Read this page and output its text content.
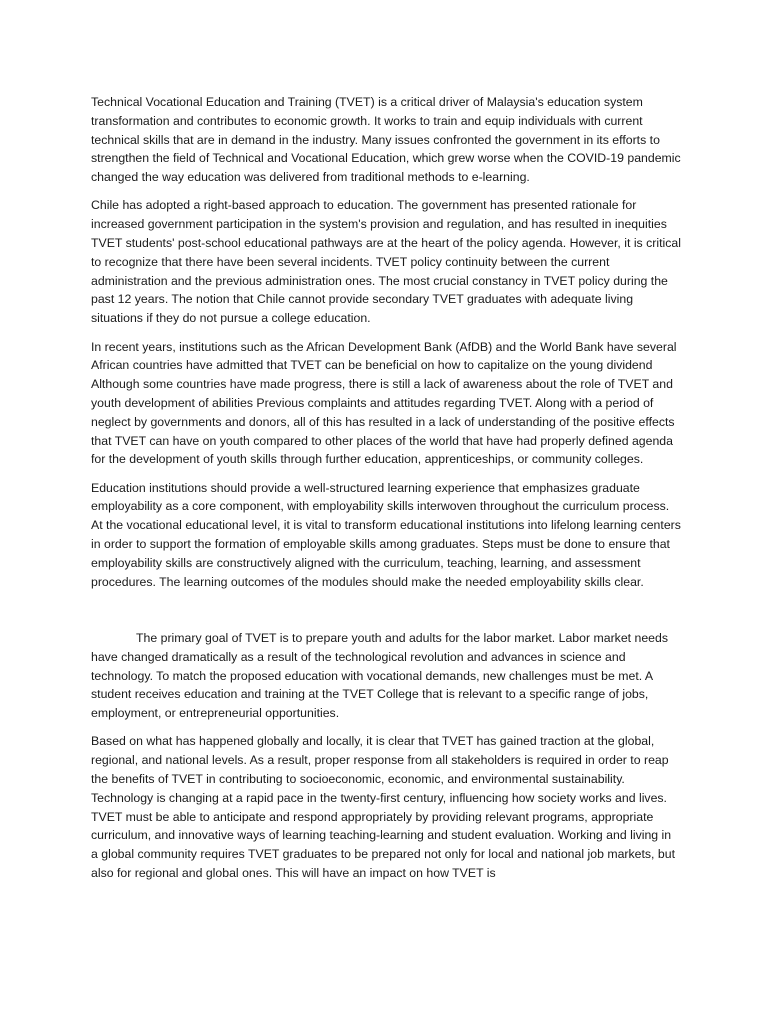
Technical Vocational Education and Training (TVET) is a critical driver of Malaysia's education system transformation and contributes to economic growth. It works to train and equip individuals with current technical skills that are in demand in the industry. Many issues confronted the government in its efforts to strengthen the field of Technical and Vocational Education, which grew worse when the COVID-19 pandemic changed the way education was delivered from traditional methods to e-learning.

Chile has adopted a right-based approach to education. The government has presented rationale for increased government participation in the system's provision and regulation, and has resulted in inequities TVET students' post-school educational pathways are at the heart of the policy agenda. However, it is critical to recognize that there have been several incidents. TVET policy continuity between the current administration and the previous administration ones. The most crucial constancy in TVET policy during the past 12 years. The notion that Chile cannot provide secondary TVET graduates with adequate living situations if they do not pursue a college education.

In recent years, institutions such as the African Development Bank (AfDB) and the World Bank have several African countries have admitted that TVET can be beneficial on how to capitalize on the young dividend Although some countries have made progress, there is still a lack of awareness about the role of TVET and youth development of abilities Previous complaints and attitudes regarding TVET. Along with a period of neglect by governments and donors, all of this has resulted in a lack of understanding of the positive effects that TVET can have on youth compared to other places of the world that have had properly defined agenda for the development of youth skills through further education, apprenticeships, or community colleges.

Education institutions should provide a well-structured learning experience that emphasizes graduate employability as a core component, with employability skills interwoven throughout the curriculum process. At the vocational educational level, it is vital to transform educational institutions into lifelong learning centers in order to support the formation of employable skills among graduates. Steps must be done to ensure that employability skills are constructively aligned with the curriculum, teaching, learning, and assessment procedures. The learning outcomes of the modules should make the needed employability skills clear.

The primary goal of TVET is to prepare youth and adults for the labor market. Labor market needs have changed dramatically as a result of the technological revolution and advances in science and technology. To match the proposed education with vocational demands, new challenges must be met. A student receives education and training at the TVET College that is relevant to a specific range of jobs, employment, or entrepreneurial opportunities.

Based on what has happened globally and locally, it is clear that TVET has gained traction at the global, regional, and national levels. As a result, proper response from all stakeholders is required in order to reap the benefits of TVET in contributing to socioeconomic, economic, and environmental sustainability. Technology is changing at a rapid pace in the twenty-first century, influencing how society works and lives. TVET must be able to anticipate and respond appropriately by providing relevant programs, appropriate curriculum, and innovative ways of learning teaching-learning and student evaluation. Working and living in a global community requires TVET graduates to be prepared not only for local and national job markets, but also for regional and global ones. This will have an impact on how TVET is
